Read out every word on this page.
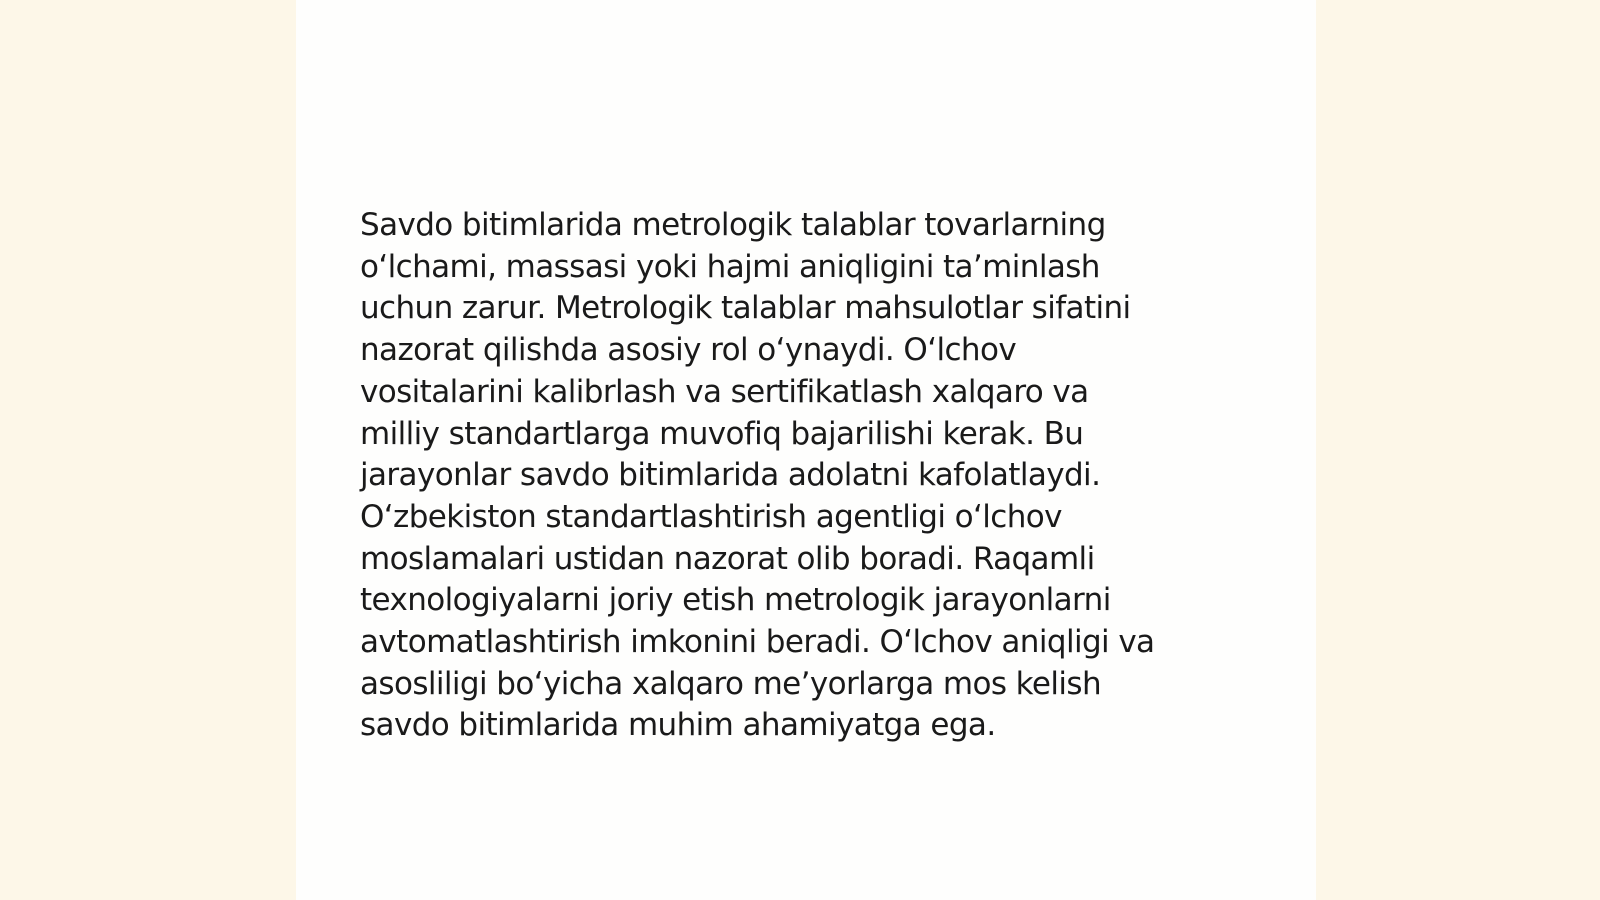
Savdo bitimlarida metrologik talablar tovarlarning
oʻlchami, massasi yoki hajmi aniqligini taʼminlash
uchun zarur. Metrologik talablar mahsulotlar sifatini
nazorat qilishda asosiy rol oʻynaydi. Oʻlchov
vositalarini kalibrlash va sertifikatlash xalqaro va
milliy standartlarga muvofiq bajarilishi kerak. Bu
jarayonlar savdo bitimlarida adolatni kafolatlaydi.
Oʻzbekiston standartlashtirish agentligi oʻlchov
moslamalari ustidan nazorat olib boradi. Raqamli
texnologiyalarni joriy etish metrologik jarayonlarni
avtomatlashtirish imkonini beradi. Oʻlchov aniqligi va
asosliligi boʻyicha xalqaro meʼyorlarga mos kelish
savdo bitimlarida muhim ahamiyatga ega.
